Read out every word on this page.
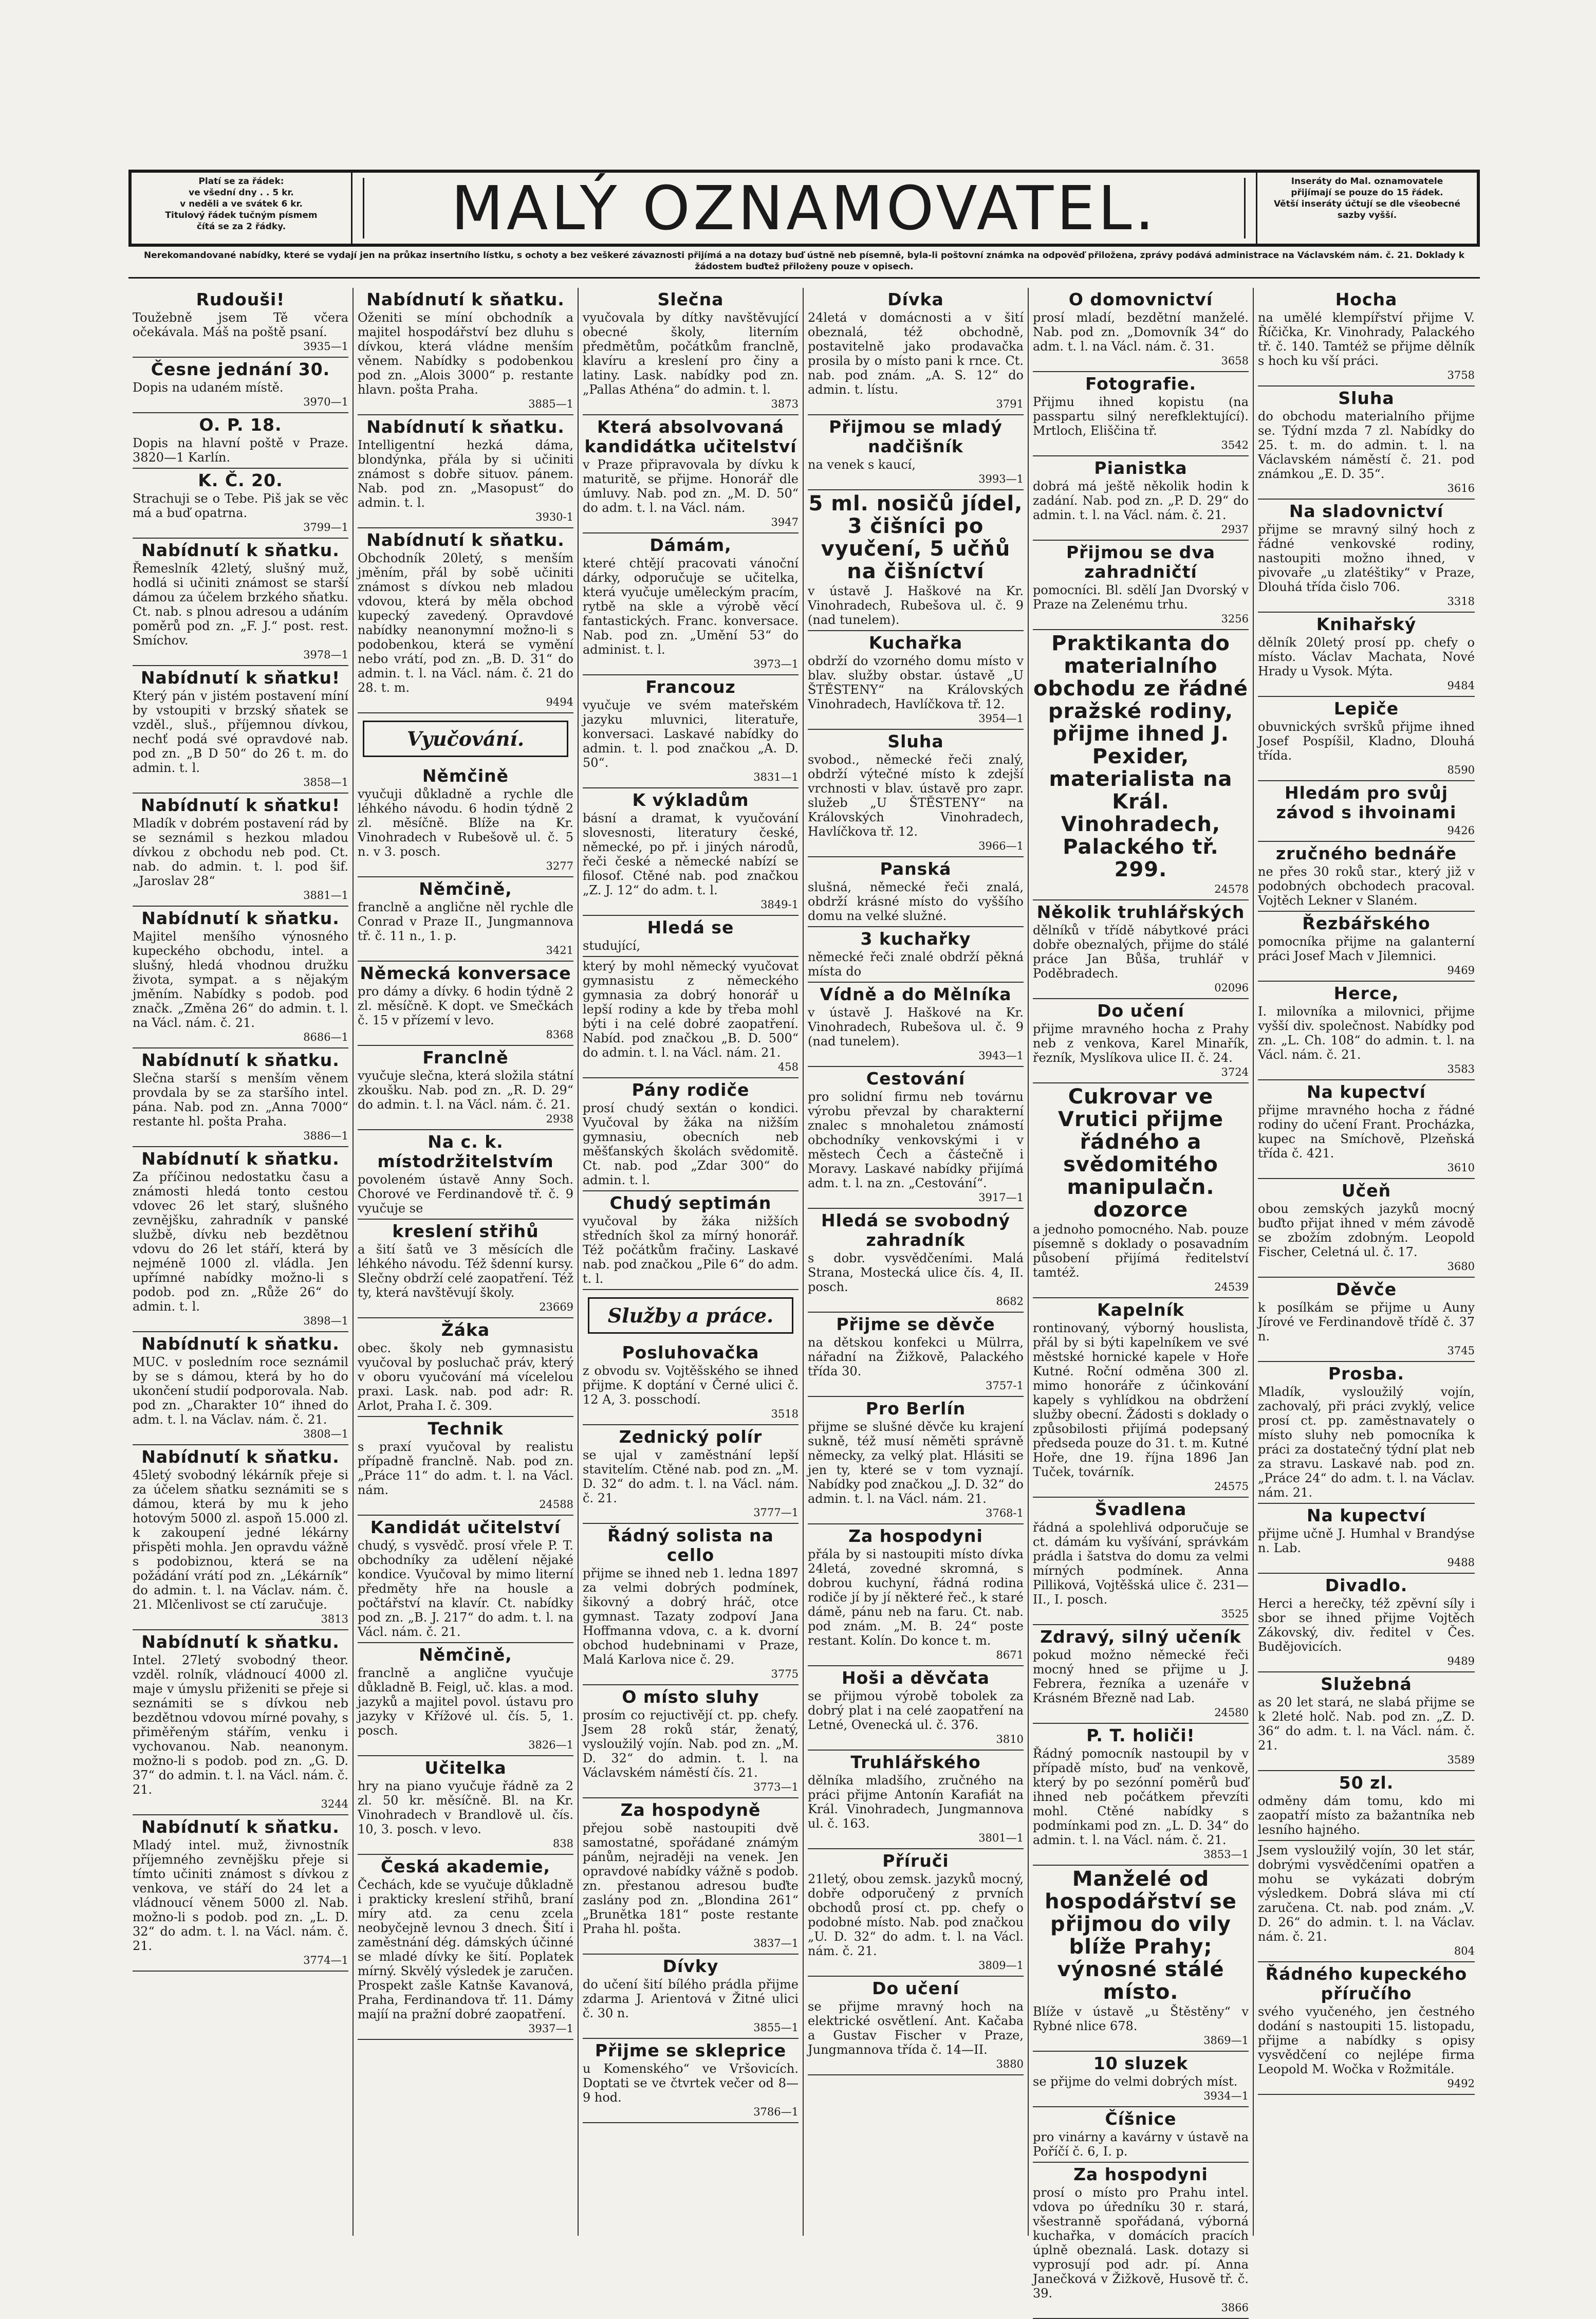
Platí se za řádek:
ve všední dny . . 5 kr.
v neděli a ve svátek 6 kr.
Titulový řádek tučným písmem
čítá se za 2 řádky.	MALÝ OZNAMOVATEL.	Inseráty do Mal. oznamovatele
přijímají se pouze do 15 řádek.
Větší inseráty účtují se dle všeobecné sazby vyšší.
Nerekomandované nabídky, které se vydají jen na průkaz insertního lístku, s ochoty a bez veškeré závaznosti přijímá a na dotazy buď ústně neb písemně, byla-li poštovní známka na odpověď přiložena, zprávy podává administrace na Václavském nám. č. 21. Doklady k žádostem buďtež přiloženy pouze v opisech.
Rudouši!
Toužebně jsem Tě včera očekávala. Máš na poště psaní.
3935—1
Česne jednání 30.
Dopis na udaném místě.
3970—1
O. P. 18.
Dopis na hlavní poště v Praze. 3820—1 Karlín.
K. Č. 20.
Strachuji se o Tebe. Piš jak se věc má a buď opatrna.
3799—1
Nabídnutí k sňatku.
Řemeslník 42letý, slušný muž, hodlá si učiniti známost se starší dámou za účelem brzkého sňatku. Ct. nab. s plnou adresou a udáním poměrů pod zn. „F. J.“ post. rest. Smíchov.
3978—1
Nabídnutí k sňatku!
Který pán v jistém postavení míní by vstoupiti v brzský sňatek se vzděl., sluš., příjemnou dívkou, nechť podá své opravdové nab. pod zn. „B D 50“ do 26 t. m. do admin. t. l.
3858—1
Nabídnutí k sňatku!
Mladík v dobrém postavení rád by se seznámil s hezkou mladou dívkou z obchodu neb pod. Ct. nab. do admin. t. l. pod šif. „Jaroslav 28“
3881—1
Nabídnutí k sňatku.
Majitel menšího výnosného kupeckého obchodu, intel. a slušný, hledá vhodnou družku života, sympat. a s nějakým jměním. Nabídky s podob. pod značk. „Změna 26“ do admin. t. l. na Václ. nám. č. 21.
8686—1
Nabídnutí k sňatku.
Slečna starší s menším věnem provdala by se za staršího intel. pána. Nab. pod zn. „Anna 7000“ restante hl. pošta Praha.
3886—1
Nabídnutí k sňatku.
Za příčinou nedostatku času a známosti hledá tonto cestou vdovec 26 let starý, slušného zevnějšku, zahradník v panské službě, dívku neb bezdětnou vdovu do 26 let stáří, která by nejméně 1000 zl. vládla. Jen upřímné nabídky možno-li s podob. pod zn. „Růže 26“ do admin. t. l.
3898—1
Nabídnutí k sňatku.
MUC. v posledním roce seznámil by se s dámou, která by ho do ukončení studií podporovala. Nab. pod zn. „Charakter 10“ ihned do adm. t. l. na Václav. nám. č. 21.
3808—1
Nabídnutí k sňatku.
45letý svobodný lékárník přeje si za účelem sňatku seznámiti se s dámou, která by mu k jeho hotovým 5000 zl. aspoň 15.000 zl. k zakoupení jedné lékárny přispěti mohla. Jen opravdu vážně s podobiznou, která se na požádání vrátí pod zn. „Lékárník“ do admin. t. l. na Václav. nám. č. 21. Mlčenlivost se ctí zaručuje.
3813
Nabídnutí k sňatku.
Intel. 27letý svobodný theor. vzděl. rolník, vládnoucí 4000 zl. maje v úmyslu přiženiti se přeje si seznámiti se s dívkou neb bezdětnou vdovou mírné povahy, s přiměřeným stářím, venku i vychovanou. Nab. neanonym. možno-li s podob. pod zn. „G. D. 37“ do admin. t. l. na Václ. nám. č. 21.
3244
Nabídnutí k sňatku.
Mladý intel. muž, živnostník příjemného zevnějšku přeje si tímto učiniti známost s dívkou z venkova, ve stáří do 24 let a vládnoucí věnem 5000 zl. Nab. možno-li s podob. pod zn. „L. D. 32“ do adm. t. l. na Václ. nám. č. 21.
3774—1
Nabídnutí k sňatku.
Oženiti se míní obchodník a majitel hospodářství bez dluhu s dívkou, která vládne menším věnem. Nabídky s podobenkou pod zn. „Alois 3000“ p. restante hlavn. pošta Praha.
3885—1
Nabídnutí k sňatku.
Intelligentní hezká dáma, blondýnka, přála by si učiniti známost s dobře situov. pánem. Nab. pod zn. „Masopust“ do admin. t. l.
3930-1
Nabídnutí k sňatku.
Obchodník 20letý, s menším jměním, přál by sobě učiniti známost s dívkou neb mladou vdovou, která by měla obchod kupecký zavedený. Opravdové nabídky neanonymní možno-li s podobenkou, která se vymění nebo vrátí, pod zn. „B. D. 31“ do admin. t. l. na Václ. nám. č. 21 do 28. t. m.
9494
Vyučování.
Němčině
vyučuji důkladně a rychle dle léhkého návodu. 6 hodin týdně 2 zl. měsíčně. Blíže na Kr. Vinohradech v Rubešově ul. č. 5 n. v 3. posch.
3277
Němčině,
franclně a anglične něl rychle dle Conrad v Praze II., Jungmannova tř. č. 11 n., 1. p.
3421
Německá konversace
pro dámy a dívky. 6 hodin týdně 2 zl. měsíčně. K dopt. ve Smečkách č. 15 v přízemí v levo.
8368
Franclně
vyučuje slečna, která složila státní zkoušku. Nab. pod zn. „R. D. 29“ do admin. t. l. na Václ. nám. č. 21.
2938
Na c. k. místodržitelstvím
povoleném ústavě Anny Soch. Chorové ve Ferdinandově tř. č. 9 vyučuje se
kreslení střihů
a šití šatů ve 3 měsících dle léhkého návodu. Též šdenní kursy. Slečny obdrží celé zaopatření. Též ty, která navštěvují školy.
23669
Žáka
obec. školy neb gymnasistu vyučoval by posluchač práv, který v oboru vyučování má vícelelou praxi. Lask. nab. pod adr: R. Arlot, Praha I. č. 309.
Technik
s praxí vyučoval by realistu případně franclně. Nab. pod zn. „Práce 11“ do adm. t. l. na Václ. nám.
24588
Kandidát učitelství
chudý, s vysvědč. prosí vřele P. T. obchodníky za udělení nějaké kondice. Vyučoval by mimo literní předměty hře na housle a počtářství na klavír. Ct. nabídky pod zn. „B. J. 217“ do adm. t. l. na Václ. nám. č. 21.
Němčině,
franclně a anglične vyučuje důkladně B. Feigl, uč. klas. a mod. jazyků a majitel povol. ústavu pro jazyky v Křížové ul. čís. 5, 1. posch.
3826—1
Učitelka
hry na piano vyučuje řádně za 2 zl. 50 kr. měsíčně. Bl. na Kr. Vinohradech v Brandlově ul. čís. 10, 3. posch. v levo.
838
Česká akademie,
Čechách, kde se vyučuje důkladně i prakticky kreslení střihů, braní míry atd. za cenu zcela neobyčejně levnou 3 dnech. Šití i zaměstnání dég. dámských účinné se mladé dívky ke šití. Poplatek mírný. Skvělý výsledek je zaručen. Prospekt zašle Katnše Kavanová, Praha, Ferdinandova tř. 11. Dámy majíí na pražní dobré zaopatření.
3937—1
Slečna
vyučovala by dítky navštěvující obecné školy, literním předmětům, počátkům franclně, klavíru a kreslení pro činy a latiny. Lask. nabídky pod zn. „Pallas Athéna“ do admin. t. l.
3873
Která absolvovaná kandidátka učitelství
v Praze připravovala by dívku k maturitě, se přijme. Honorář dle úmluvy. Nab. pod zn. „M. D. 50“ do adm. t. l. na Václ. nám.
3947
Dámám,
které chtějí pracovati vánoční dárky, odporučuje se učitelka, která vyučuje uměleckým pracím, rytbě na skle a výrobě věcí fantastických. Franc. konversace. Nab. pod zn. „Umění 53“ do administ. t. l.
3973—1
Francouz
vyučuje ve svém mateřském jazyku mluvnici, literatuře, konversaci. Laskavé nabídky do admin. t. l. pod značkou „A. D. 50“.
3831—1
K výkladům
básní a dramat, k vyučování slovesnosti, literatury české, německé, po př. i jiných národů, řeči české a německé nabízí se filosof. Ctěné nab. pod značkou „Z. J. 12“ do adm. t. l.
3849-1
Hledá se
studující,
který by mohl německý vyučovat gymnasistu z německého gymnasia za dobrý honorář u lepší rodiny a kde by třeba mohl býti i na celé dobré zaopatření. Nabíd. pod značkou „B. D. 500“ do admin. t. l. na Václ. nám. 21.
458
Pány rodiče
prosí chudý sextán o kondici. Vyučoval by žáka na nižším gymnasiu, obecních neb měšťanských školách svědomitě. Ct. nab. pod „Zdar 300“ do admin. t. l.
Chudý septimán
vyučoval by žáka nižších středních škol za mírný honorář. Též počátkům fračiny. Laskavé nab. pod značkou „Pile 6“ do adm. t. l.
Služby a práce.
Posluhovačka
z obvodu sv. Vojtěšského se ihned přijme. K doptání v Černé ulici č. 12 A, 3. posschodí.
3518
Zednický polír
se ujal v zaměstnání lepší stavitelím. Ctěné nab. pod zn. „M. D. 32“ do adm. t. l. na Václ. nám. č. 21.
3777—1
Řádný solista na cello
přijme se ihned neb 1. ledna 1897 za velmi dobrých podmínek, šikovný a dobrý hráč, otce gymnast. Tazaty zodpoví Jana Hoffmanna vdova, c. a k. dvorní obchod hudebninami v Praze, Malá Karlova nice č. 29.
3775
O místo sluhy
prosím co rejuctivějí ct. pp. chefy. Jsem 28 roků stár, ženatý, vysloužilý vojín. Nab. pod zn. „M. D. 32“ do admin. t. l. na Václavském náměstí čís. 21.
3773—1
Za hospodyně
přejou sobě nastoupiti dvě samostatné, spořádané známým pánům, nejraději na venek. Jen opravdové nabídky vážně s podob. zn. přestanou adresou buďte zaslány pod zn. „Blondina 261“ „Brunětka 181“ poste restante Praha hl. pošta.
3837—1
Dívky
do učení šití bílého prádla přijme zdarma J. Arientová v Žitné ulici č. 30 n.
3855—1
Přijme se skleprice
u Komenského“ ve Vršovicích. Doptati se ve čtvrtek večer od 8—9 hod.
3786—1
Dívka
24letá v domácnosti a v šití obeznalá, též obchodně, postavitelně jako prodavačka prosila by o místo pani k rnce. Ct. nab. pod znám. „A. S. 12“ do admin. t. lístu.
3791
Přijmou se mladý nadčišník
na venek s kaucí,
3993—1
5 ml. nosičů jídel, 3 čišníci po vyučení, 5 učňů na čišníctví
v ústavě J. Haškové na Kr. Vinohradech, Rubešova ul. č. 9 (nad tunelem).
Kuchařka
obdrží do vzorného domu místo v blav. služby obstar. ústavě „U ŠTĚSTENY“ na Královských Vinohradech, Havlíčkova tř. 12.
3954—1
Sluha
svobod., německé řeči znalý, obdrží výtečné místo k zdejší vrchnosti v blav. ústavě pro zapr. služeb „U ŠTĚSTENY“ na Královských Vinohradech, Havlíčkova tř. 12.
3966—1
Panská
slušná, německé řeči znalá, obdrží krásné místo do vyššího domu na velké služné.
3 kuchařky
německé řeči znalé obdrží pěkná místa do
Vídně a do Mělníka
v ústavě J. Haškové na Kr. Vinohradech, Rubešova ul. č. 9 (nad tunelem).
3943—1
Cestování
pro solidní firmu neb továrnu výrobu převzal by charakterní znalec s mnohaletou známostí obchodníky venkovskými i v městech Čech a částečně i Moravy. Laskavé nabídky přijímá adm. t. l. na zn. „Cestování“.
3917—1
Hledá se svobodný zahradník
s dobr. vysvědčeními. Malá Strana, Mostecká ulice čís. 4, II. posch.
8682
Přijme se děvče
na dětskou konfekci u Mülrra, nářadní na Žižkově, Palackého třída 30.
3757-1
Pro Berlín
přijme se slušné děvče ku krajení sukně, též musí něměti správně německy, za velký plat. Hlásiti se jen ty, které se v tom vyznají. Nabídky pod značkou „J. D. 32“ do admin. t. l. na Václ. nám. 21.
3768-1
Za hospodyni
přála by si nastoupiti místo dívka 24letá, zovedné skromná, s dobrou kuchyní, řádná rodina rodiče jí by jí některé řeč., k staré dámě, pánu neb na faru. Ct. nab. pod znám. „M. B. 24“ poste restant. Kolín. Do konce t. m.
8671
Hoši a děvčata
se přijmou výrobě tobolek za dobrý plat i na celé zaopatření na Letné, Ovenecká ul. č. 376.
3810
Truhlářského
dělníka mladšího, zručného na práci přijme Antonín Karafiát na Král. Vinohradech, Jungmannova ul. č. 163.
3801—1
Příruči
21letý, obou zemsk. jazyků mocný, dobře odporučený z prvních obchodů prosí ct. pp. chefy o podobné místo. Nab. pod značkou „U. D. 32“ do adm. t. l. na Václ. nám. č. 21.
3809—1
Do učení
se přijme mravný hoch na elektrické osvětlení. Ant. Kačaba a Gustav Fischer v Praze, Jungmannova třída č. 14—II.
3880
O domovnictví
prosí mladí, bezdětní manželé. Nab. pod zn. „Domovník 34“ do adm. t. l. na Václ. nám. č. 31.
3658
Fotografie.
Přijmu ihned kopistu (na passpartu silný nerefklektující). Mrtloch, Eliščina tř.
3542
Pianistka
dobrá má ještě několik hodin k zadání. Nab. pod zn. „P. D. 29“ do admin. t. l. na Václ. nám. č. 21.
2937
Přijmou se dva zahradničtí
pomocníci. Bl. sdělí Jan Dvorský v Praze na Zelenému trhu.
3256
Praktikanta do materialního obchodu ze řádné pražské rodiny, přijme ihned J. Pexider, materialista na Král. Vinohradech, Palackého tř. 299.
24578
Několik truhlářských
dělníků v třídě nábytkové práci dobře obeznalých, přijme do stálé práce Jan Bůša, truhlář v Poděbradech.
02096
Do učení
přijme mravného hocha z Prahy neb z venkova, Karel Minařík, řezník, Myslíkova ulice II. č. 24.
3724
Cukrovar ve Vrutici přijme řádného a svědomitého manipulačn. dozorce
a jednoho pomocného. Nab. pouze písemně s doklady o posavadním působení přijímá ředitelství tamtéž.
24539
Kapelník
rontinovaný, výborný houslista, přál by si býti kapelníkem ve své městské hornické kapele v Hoře Kutné. Roční odměna 300 zl. mimo honoráře z účinkování kapely s vyhlídkou na obdržení služby obecní. Žádosti s doklady o způsobilosti přijímá podepsaný předseda pouze do 31. t. m. Kutné Hoře, dne 19. října 1896 Jan Tuček, továrník.
24575
Švadlena
řádná a spolehlivá odporučuje se ct. dámám ku vyšívání, správkám prádla i šatstva do domu za velmi mírných podmínek. Anna Pilliková, Vojtěšská ulice č. 231—II., I. posch.
3525
Zdravý, silný učeník
pokud možno německé řeči mocný hned se přijme u J. Febrera, řezníka a uzenáře v Krásném Březně nad Lab.
24580
P. T. holiči!
Řádný pomocník nastoupil by v případě místo, buď na venkově, který by po sezónní poměrů buď ihned neb počátkem převzíti mohl. Ctěné nabídky s podmínkami pod zn. „L. D. 34“ do admin. t. l. na Václ. nám. č. 21.
3853—1
Manželé od hospodářství se přijmou do vily blíže Prahy; výnosné stálé místo.
Blíže v ústavě „u Štěstěny“ v Rybné nlice 678.
3869—1
10 sluzek
se přijme do velmi dobrých míst.
3934—1
Číšnice
pro vinárny a kavárny v ústavě na Poříčí č. 6, I. p.
Za hospodyni
prosí o místo pro Prahu intel. vdova po úředníku 30 r. stará, všestranně spořádaná, výborná kuchařka, v domácích pracích úplně obeznalá. Lask. dotazy si vyprosují pod adr. pí. Anna Janečková v Žižkově, Husově tř. č. 39.
3866
Hocha
na umělé klempířství přijme V. Říčička, Kr. Vinohrady, Palackého tř. č. 140. Tamtéž se přijme dělník s hoch ku vší práci.
3758
Sluha
do obchodu materialního přijme se. Týdní mzda 7 zl. Nabídky do 25. t. m. do admin. t. l. na Václavském náměstí č. 21. pod známkou „E. D. 35“.
3616
Na sladovnictví
přijme se mravný silný hoch z řádné venkovské rodiny, nastoupiti možno ihned, v pivovaře „u zlatéštiky“ v Praze, Dlouhá třída čislo 706.
3318
Knihařský
dělník 20letý prosí pp. chefy o místo. Václav Machata, Nové Hrady u Vysok. Mýta.
9484
Lepiče
obuvnických svršků přijme ihned Josef Pospíšil, Kladno, Dlouhá třída.
8590
Hledám pro svůj závod s ihvoinami
9426
zručného bednáře
ne přes 30 roků star., který již v podobných obchodech pracoval. Vojtěch Lekner v Slaném.
Řezbářského
pomocníka přijme na galanterní práci Josef Mach v Jilemnici.
9469
Herce,
I. milovníka a milovnici, přijme vyšší div. společnost. Nabídky pod zn. „L. Ch. 108“ do admin. t. l. na Václ. nám. č. 21.
3583
Na kupectví
přijme mravného hocha z řádné rodiny do učení Frant. Procházka, kupec na Smíchově, Plzeňská třída č. 421.
3610
Učeň
obou zemských jazyků mocný buďto přijat ihned v mém závodě se zbožím zdobným. Leopold Fischer, Celetná ul. č. 17.
3680
Děvče
k posílkám se přijme u Auny Jírové ve Ferdinandově třídě č. 37 n.
3745
Prosba.
Mladík, vysloužilý vojín, zachovalý, při práci zvyklý, velice prosí ct. pp. zaměstnavately o místo sluhy neb pomocníka k práci za dostatečný týdní plat neb za stravu. Laskavé nab. pod zn. „Práce 24“ do adm. t. l. na Václav. nám. 21.
Na kupectví
přijme učně J. Humhal v Brandýse n. Lab.
9488
Divadlo.
Herci a herečky, též zpěvní síly i sbor se ihned přijme Vojtěch Zákovský, div. ředitel v Čes. Budějovicích.
9489
Služebná
as 20 let stará, ne slabá přijme se k 2leté holč. Nab. pod zn. „Z. D. 36“ do adm. t. l. na Václ. nám. č. 21.
3589
50 zl.
odměny dám tomu, kdo mi zaopatří místo za bažantníka neb lesního hajného.
Jsem vysloužilý vojín, 30 let stár, dobrými vysvědčeními opatřen a mohu se vykázati dobrým výsledkem. Dobrá sláva mi ctí zaručena. Ct. nab. pod znám. „V. D. 26“ do admin. t. l. na Václav. nám. č. 21.
804
Řádného kupeckého příručího
svého vyučeného, jen čestného dodání s nastoupiti 15. listopadu, přijme a nabídky s opisy vysvědčení co nejlépe firma Leopold M. Wočka v Rožmitále.
9492
